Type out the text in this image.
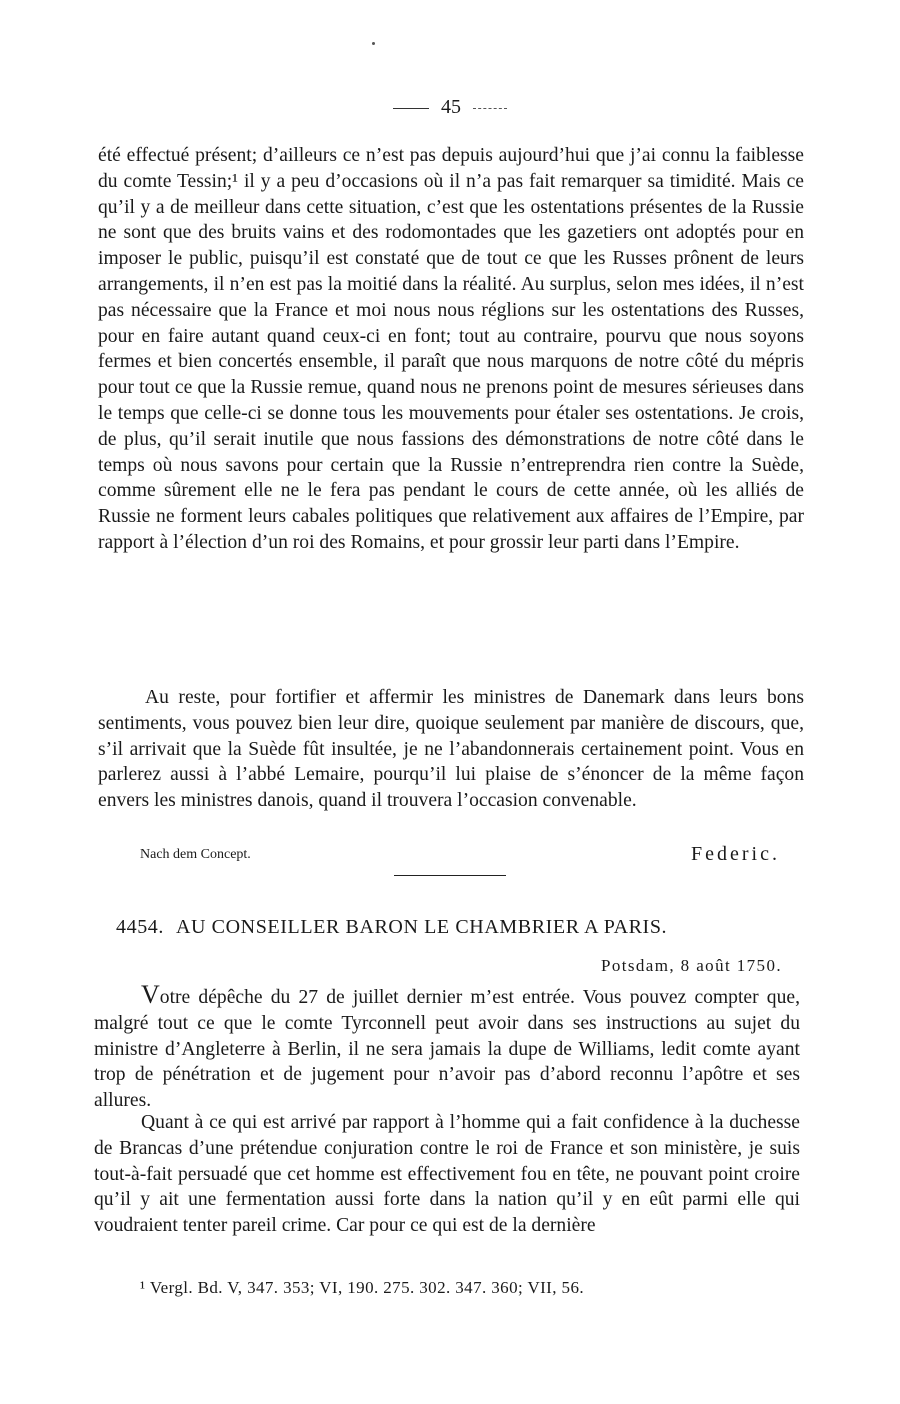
45

été effectué présent; d’ailleurs ce n’est pas depuis aujourd’hui que j’ai connu la faiblesse du comte Tessin;¹ il y a peu d’occasions où il n’a pas fait remarquer sa timidité. Mais ce qu’il y a de meilleur dans cette situation, c’est que les ostentations présentes de la Russie ne sont que des bruits vains et des rodomontades que les gazetiers ont adoptés pour en imposer le public, puisqu’il est constaté que de tout ce que les Russes prônent de leurs arrangements, il n’en est pas la moitié dans la réalité. Au surplus, selon mes idées, il n’est pas nécessaire que la France et moi nous nous réglions sur les ostentations des Russes, pour en faire autant quand ceux-ci en font; tout au contraire, pourvu que nous soyons fermes et bien concertés ensemble, il paraît que nous marquons de notre côté du mépris pour tout ce que la Russie remue, quand nous ne prenons point de mesures sérieuses dans le temps que celle-ci se donne tous les mouvements pour étaler ses ostentations. Je crois, de plus, qu’il serait inutile que nous fassions des démonstrations de notre côté dans le temps où nous savons pour certain que la Russie n’entreprendra rien contre la Suède, comme sûrement elle ne le fera pas pendant le cours de cette année, où les alliés de Russie ne forment leurs cabales politiques que relativement aux affaires de l’Empire, par rapport à l’élection d’un roi des Romains, et pour grossir leur parti dans l’Empire.

Au reste, pour fortifier et affermir les ministres de Danemark dans leurs bons sentiments, vous pouvez bien leur dire, quoique seulement par manière de discours, que, s’il arrivait que la Suède fût insultée, je ne l’abandonnerais certainement point. Vous en parlerez aussi à l’abbé Lemaire, pourqu’il lui plaise de s’énoncer de la même façon envers les ministres danois, quand il trouvera l’occasion convenable.

Nach dem Concept.	Federic.
4454. AU CONSEILLER BARON LE CHAMBRIER A PARIS.
Potsdam, 8 août 1750.

Votre dépêche du 27 de juillet dernier m’est entrée. Vous pouvez compter que, malgré tout ce que le comte Tyrconnell peut avoir dans ses instructions au sujet du ministre d’Angleterre à Berlin, il ne sera jamais la dupe de Williams, ledit comte ayant trop de pénétration et de jugement pour n’avoir pas d’abord reconnu l’apôtre et ses allures.

Quant à ce qui est arrivé par rapport à l’homme qui a fait confidence à la duchesse de Brancas d’une prétendue conjuration contre le roi de France et son ministère, je suis tout-à-fait persuadé que cet homme est effectivement fou en tête, ne pouvant point croire qu’il y ait une fermentation aussi forte dans la nation qu’il y en eût parmi elle qui voudraient tenter pareil crime. Car pour ce qui est de la dernière

¹ Vergl. Bd. V, 347. 353; VI, 190. 275. 302. 347. 360; VII, 56.
